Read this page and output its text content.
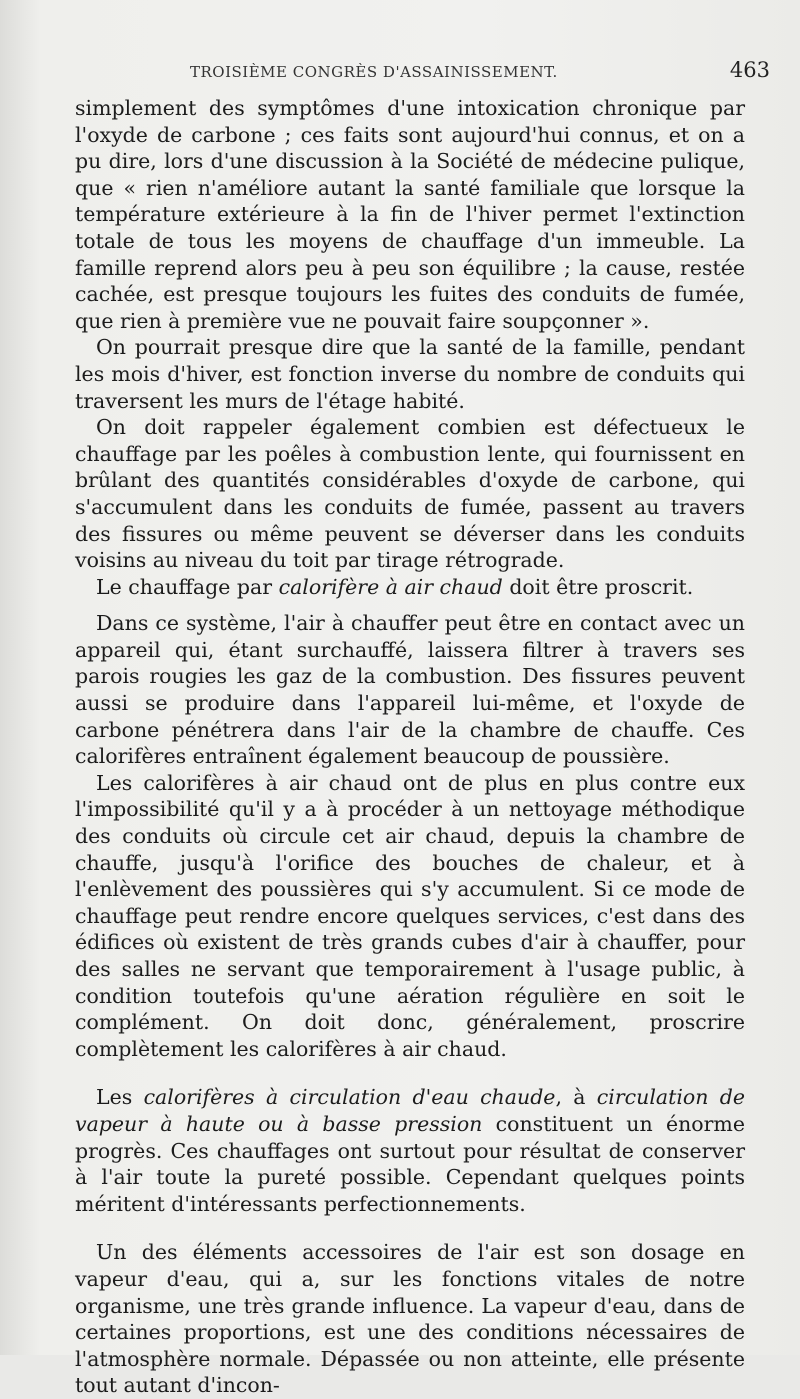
TROISIÈME CONGRÈS D'ASSAINISSEMENT.	463

simplement des symptômes d'une intoxication chronique par l'oxyde de carbone ; ces faits sont aujourd'hui connus, et on a pu dire, lors d'une discussion à la Société de médecine pulique, que « rien n'améliore autant la santé familiale que lorsque la température extérieure à la fin de l'hiver permet l'extinction totale de tous les moyens de chauffage d'un immeuble. La famille reprend alors peu à peu son équilibre ; la cause, restée cachée, est presque toujours les fuites des conduits de fumée, que rien à première vue ne pouvait faire soupçonner ».

On pourrait presque dire que la santé de la famille, pendant les mois d'hiver, est fonction inverse du nombre de conduits qui traversent les murs de l'étage habité.

On doit rappeler également combien est défectueux le chauffage par les poêles à combustion lente, qui fournissent en brûlant des quantités considérables d'oxyde de carbone, qui s'accumulent dans les conduits de fumée, passent au travers des fissures ou même peuvent se déverser dans les conduits voisins au niveau du toit par tirage rétrograde.

Le chauffage par calorifère à air chaud doit être proscrit.

Dans ce système, l'air à chauffer peut être en contact avec un appareil qui, étant surchauffé, laissera filtrer à travers ses parois rougies les gaz de la combustion. Des fissures peuvent aussi se produire dans l'appareil lui-même, et l'oxyde de carbone pénétrera dans l'air de la chambre de chauffe. Ces calorifères entraînent également beaucoup de poussière.

Les calorifères à air chaud ont de plus en plus contre eux l'impossibilité qu'il y a à procéder à un nettoyage méthodique des conduits où circule cet air chaud, depuis la chambre de chauffe, jusqu'à l'orifice des bouches de chaleur, et à l'enlèvement des poussières qui s'y accumulent. Si ce mode de chauffage peut rendre encore quelques services, c'est dans des édifices où existent de très grands cubes d'air à chauffer, pour des salles ne servant que temporairement à l'usage public, à condition toutefois qu'une aération régulière en soit le complément. On doit donc, généralement, proscrire complètement les calorifères à air chaud.

Les calorifères à circulation d'eau chaude, à circulation de vapeur à haute ou à basse pression constituent un énorme progrès. Ces chauffages ont surtout pour résultat de conserver à l'air toute la pureté possible. Cependant quelques points méritent d'intéressants perfectionnements.

Un des éléments accessoires de l'air est son dosage en vapeur d'eau, qui a, sur les fonctions vitales de notre organisme, une très grande influence. La vapeur d'eau, dans de certaines proportions, est une des conditions nécessaires de l'atmosphère normale. Dépassée ou non atteinte, elle présente tout autant d'incon-
